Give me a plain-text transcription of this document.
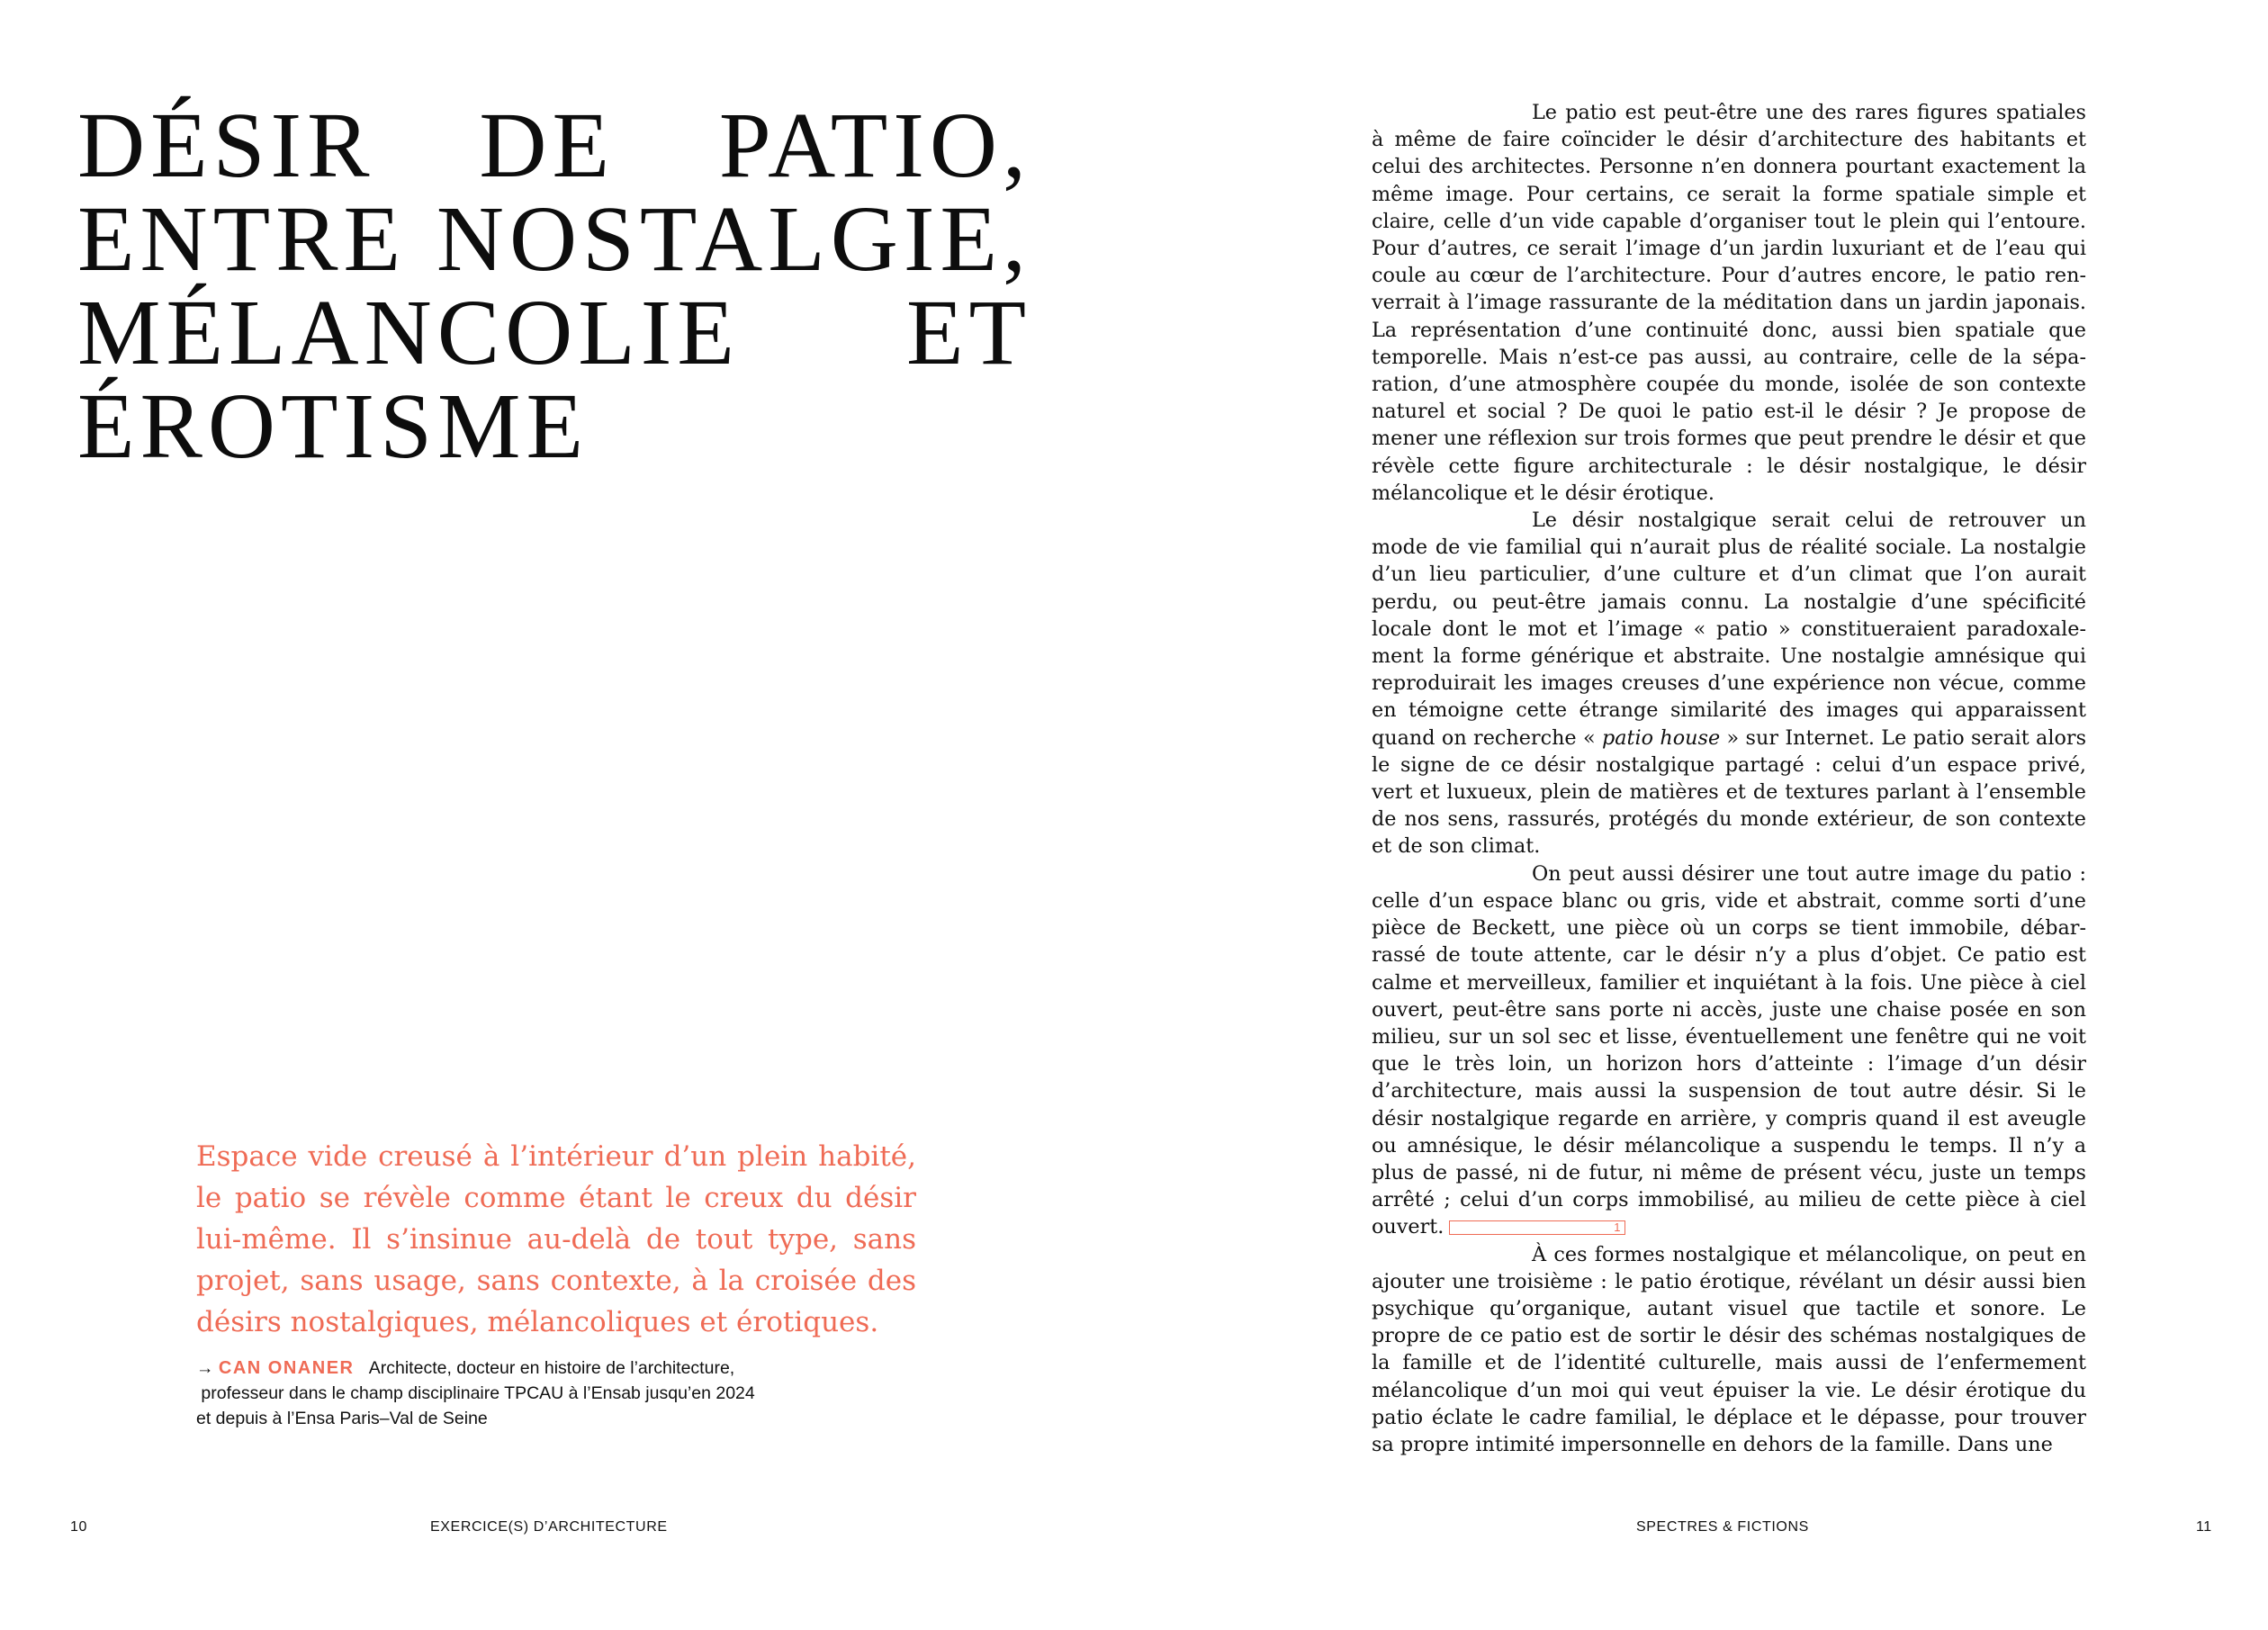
DÉSIR DE PATIO,
ENTRE NOSTALGIE,
MÉLANCOLIE ET
ÉROTISME

Espace vide creusé à l’intérieur d’un plein habité, le patio se révèle comme étant le creux du désir lui-même. Il s’insinue au-delà de tout type, sans projet, sans usage, sans contexte, à la croisée des désirs nostalgiques, mélancoliques et érotiques.

→ CAN ONANER Architecte, docteur en histoire de l’architecture,
professeur dans le champ disciplinaire TPCAU à l’Ensab jusqu’en 2024
et depuis à l’Ensa Paris–Val de Seine
10	EXERCICE(S) D’ARCHITECTURE

Le patio est peut-être une des rares figures spatiales à même de faire coïncider le désir d’architecture des habitants et celui des architectes. Personne n’en donnera pourtant exactement la même image. Pour certains, ce serait la forme spatiale simple et claire, celle d’un vide capable d’organiser tout le plein qui l’entoure. Pour d’autres, ce serait l’image d’un jardin luxuriant et de l’eau qui coule au cœur de l’architecture. Pour d’autres encore, le patio renverrait à l’image rassurante de la méditation dans un jardin japonais. La représentation d’une continuité donc, aussi bien spatiale que temporelle. Mais n’est-ce pas aussi, au contraire, celle de la séparation, d’une atmosphère coupée du monde, isolée de son contexte naturel et social ? De quoi le patio est-il le désir ? Je propose de mener une réflexion sur trois formes que peut prendre le désir et que révèle cette figure architecturale : le désir nostalgique, le désir mélancolique et le désir érotique.

Le désir nostalgique serait celui de retrouver un mode de vie familial qui n’aurait plus de réalité sociale. La nostalgie d’un lieu particulier, d’une culture et d’un climat que l’on aurait perdu, ou peut-être jamais connu. La nostalgie d’une spécificité locale dont le mot et l’image « patio » constitueraient paradoxalement la forme générique et abstraite. Une nostalgie amnésique qui reproduirait les images creuses d’une expérience non vécue, comme en témoigne cette étrange similarité des images qui apparaissent quand on recherche « patio house » sur Internet. Le patio serait alors le signe de ce désir nostalgique partagé : celui d’un espace privé, vert et luxueux, plein de matières et de textures parlant à l’ensemble de nos sens, rassurés, protégés du monde extérieur, de son contexte et de son climat.

On peut aussi désirer une tout autre image du patio : celle d’un espace blanc ou gris, vide et abstrait, comme sorti d’une pièce de Beckett, une pièce où un corps se tient immobile, débarrassé de toute attente, car le désir n’y a plus d’objet. Ce patio est calme et merveilleux, familier et inquiétant à la fois. Une pièce à ciel ouvert, peut-être sans porte ni accès, juste une chaise posée en son milieu, sur un sol sec et lisse, éventuellement une fenêtre qui ne voit que le très loin, un horizon hors d’atteinte : l’image d’un désir d’architecture, mais aussi la suspension de tout autre désir. Si le désir nostalgique regarde en arrière, y compris quand il est aveugle ou amnésique, le désir mélancolique a suspendu le temps. Il n’y a plus de passé, ni de futur, ni même de présent vécu, juste un temps arrêté ; celui d’un corps immobilisé, au milieu de cette pièce à ciel ouvert.	1

À ces formes nostalgique et mélancolique, on peut en ajouter une troisième : le patio érotique, révélant un désir aussi bien psychique qu’organique, autant visuel que tactile et sonore. Le propre de ce patio est de sortir le désir des schémas nostalgiques de la famille et de l’identité culturelle, mais aussi de l’enfermement mélancolique d’un moi qui veut épuiser la vie. Le désir érotique du patio éclate le cadre familial, le déplace et le dépasse, pour trouver sa propre intimité impersonnelle en dehors de la famille. Dans une

SPECTRES & FICTIONS	11
